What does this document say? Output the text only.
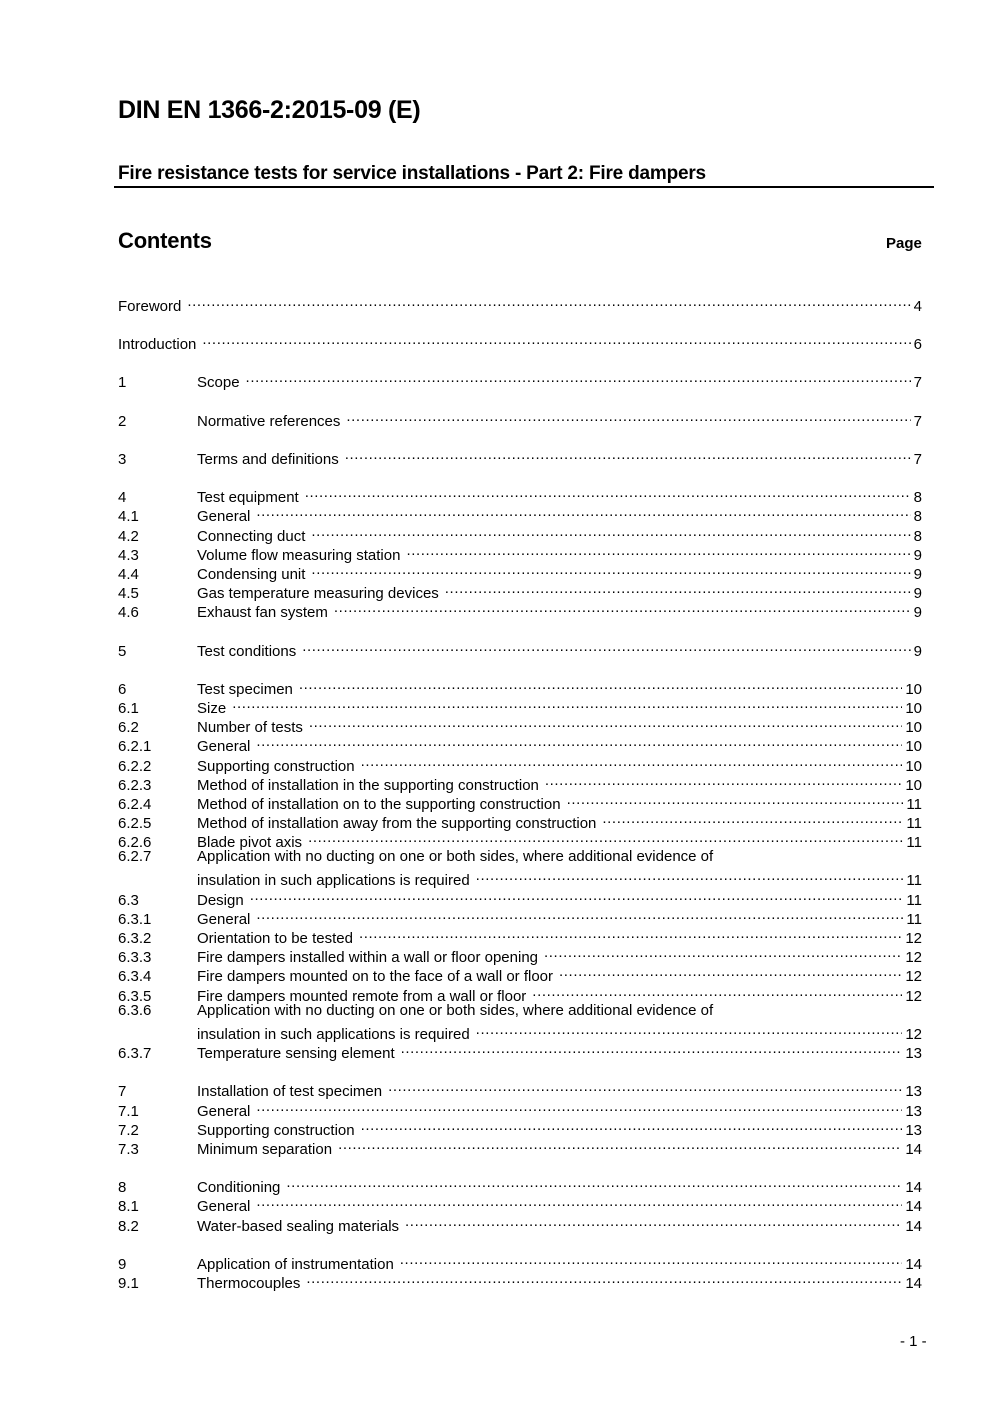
DIN EN 1366-2:2015-09 (E)
Fire resistance tests for service installations - Part 2: Fire dampers
Contents	Page
Foreword .....	4
Introduction .....	6
1	Scope .....	7
2	Normative references .....	7
3	Terms and definitions .....	7
4	Test equipment .....	8
4.1	General .....	8
4.2	Connecting duct .....	8
4.3	Volume flow measuring station .....	9
4.4	Condensing unit .....	9
4.5	Gas temperature measuring devices .....	9
4.6	Exhaust fan system .....	9
5	Test conditions .....	9
6	Test specimen .....	10
6.1	Size .....	10
6.2	Number of tests .....	10
6.2.1	General .....	10
6.2.2	Supporting construction .....	10
6.2.3	Method of installation in the supporting construction .....	10
6.2.4	Method of installation on to the supporting construction .....	11
6.2.5	Method of installation away from the supporting construction .....	11
6.2.6	Blade pivot axis .....	11
6.2.7	Application with no ducting on one or both sides, where additional evidence of
insulation in such applications is required .....	11
6.3	Design .....	11
6.3.1	General .....	11
6.3.2	Orientation to be tested .....	12
6.3.3	Fire dampers installed within a wall or floor opening .....	12
6.3.4	Fire dampers mounted on to the face of a wall or floor .....	12
6.3.5	Fire dampers mounted remote from a wall or floor .....	12
6.3.6	Application with no ducting on one or both sides, where additional evidence of
insulation in such applications is required .....	12
6.3.7	Temperature sensing element .....	13
7	Installation of test specimen .....	13
7.1	General .....	13
7.2	Supporting construction .....	13
7.3	Minimum separation .....	14
8	Conditioning .....	14
8.1	General .....	14
8.2	Water-based sealing materials .....	14
9	Application of instrumentation .....	14
9.1	Thermocouples .....	14
- 1 -
